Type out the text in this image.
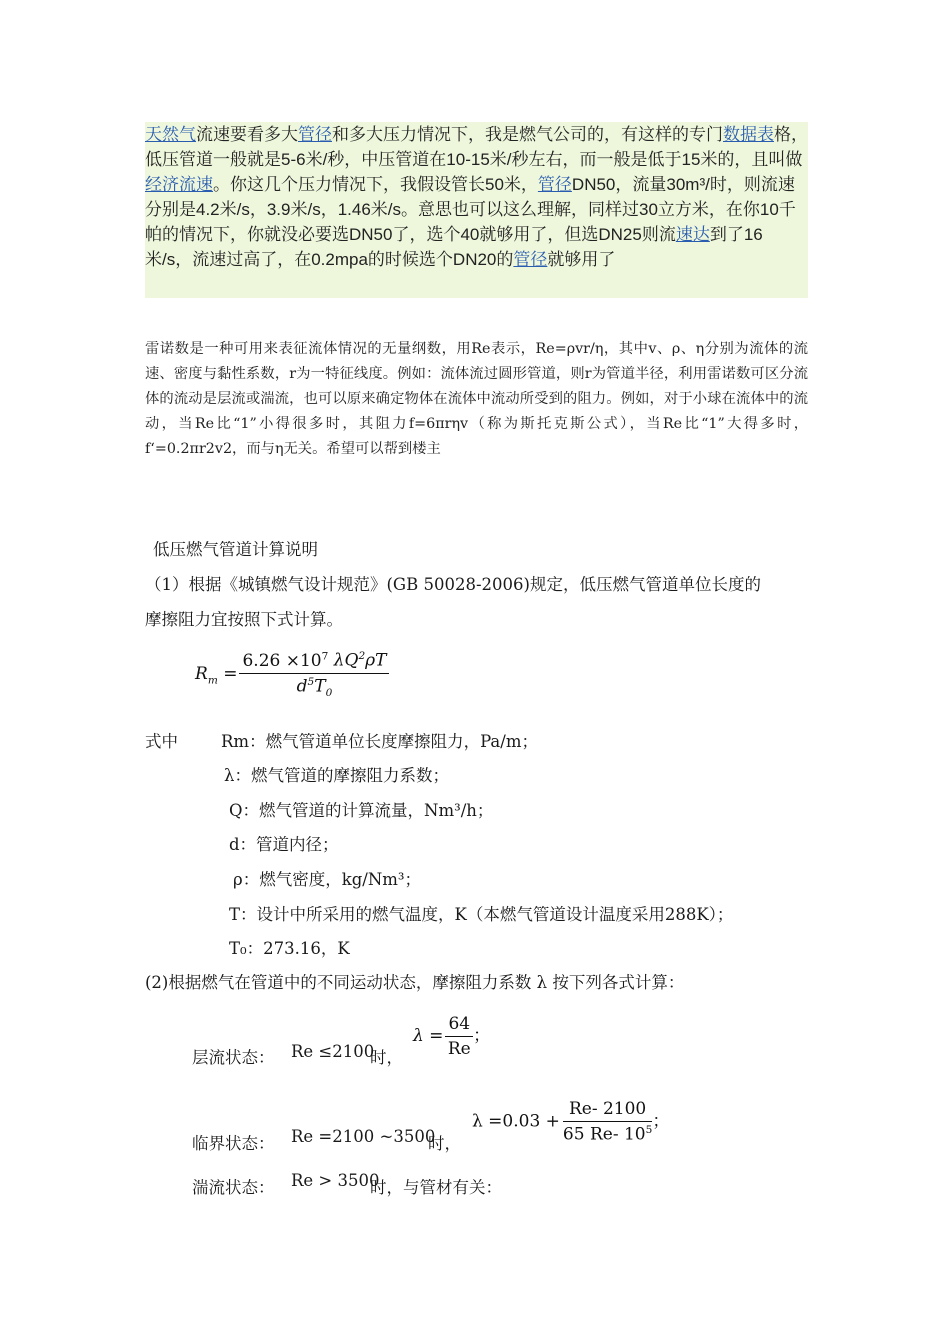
天然气流速要看多大管径和多大压力情况下，我是燃气公司的，有这样的专门数据表格，低压管道一般就是5-6米/秒，中压管道在10-15米/秒左右，而一般是低于15米的，且叫做经济流速。你这几个压力情况下，我假设管长50米，管径DN50，流量30m³/时，则流速分别是4.2米/s，3.9米/s，1.46米/s。意思也可以这么理解，同样过30立方米，在你10千帕的情况下，你就没必要选DN50了，选个40就够用了，但选DN25则流速达到了16米/s，流速过高了，在0.2mpa的时候选个DN20的管径就够用了
雷诺数是一种可用来表征流体情况的无量纲数，用Re表示，Re=ρvr/η，其中v、ρ、η分别为流体的流速、密度与黏性系数，r为一特征线度。例如：流体流过圆形管道，则r为管道半径，利用雷诺数可区分流体的流动是层流或湍流，也可以原来确定物体在流体中流动所受到的阻力。例如，对于小球在流体中的流动，当Re比“1”小得很多时，其阻力f=6πrηv（称为斯托克斯公式），当Re比“1”大得多时，f‘=0.2πr2v2，而与η无关。希望可以帮到楼主
低压燃气管道计算说明
（1）根据《城镇燃气设计规范》(GB 50028-2006)规定，低压燃气管道单位长度的
摩擦阻力宜按照下式计算。
$R_m = \frac{6.26 \times 10^7 \lambda Q^2\rho T}{d^5T_0}$
式中	Rm：燃气管道单位长度摩擦阻力，Pa/m；
λ：燃气管道的摩擦阻力系数；
Q：燃气管道的计算流量，Nm³/h；
d：管道内径；
ρ：燃气密度，kg/Nm³；
T：设计中所采用的燃气温度，K（本燃气管道设计温度采用288K）；
T₀：273.16，K
(2)根据燃气在管道中的不同运动状态，摩擦阻力系数 λ 按下列各式计算：
层流状态： Re ≤2100
时，
$\lambda = \frac{64}{Re}$ ；
临界状态： Re =2100 ~3500
时，
$\lambda =0.03 + \frac{Re- 2100}{65 Re- 10^5}$ ；
湍流状态： Re > 3500
时，与管材有关：
